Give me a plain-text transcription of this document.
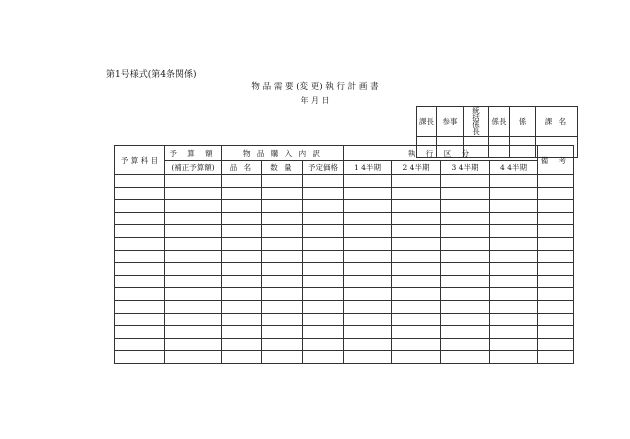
第1号様式(第4条関係)
物 品 需 要 (変 更) 執 行 計 画 書
年 月 日
課長	参事	統括係長	係長	係	課 名

予 算 科 目	予 算 額	物 品 購 入 内 訳			執 行 区 分				備 考
	(補正予算額)	品 名	数 量	予定価格	1 4半期	2 4半期	3 4半期	4 4半期	
